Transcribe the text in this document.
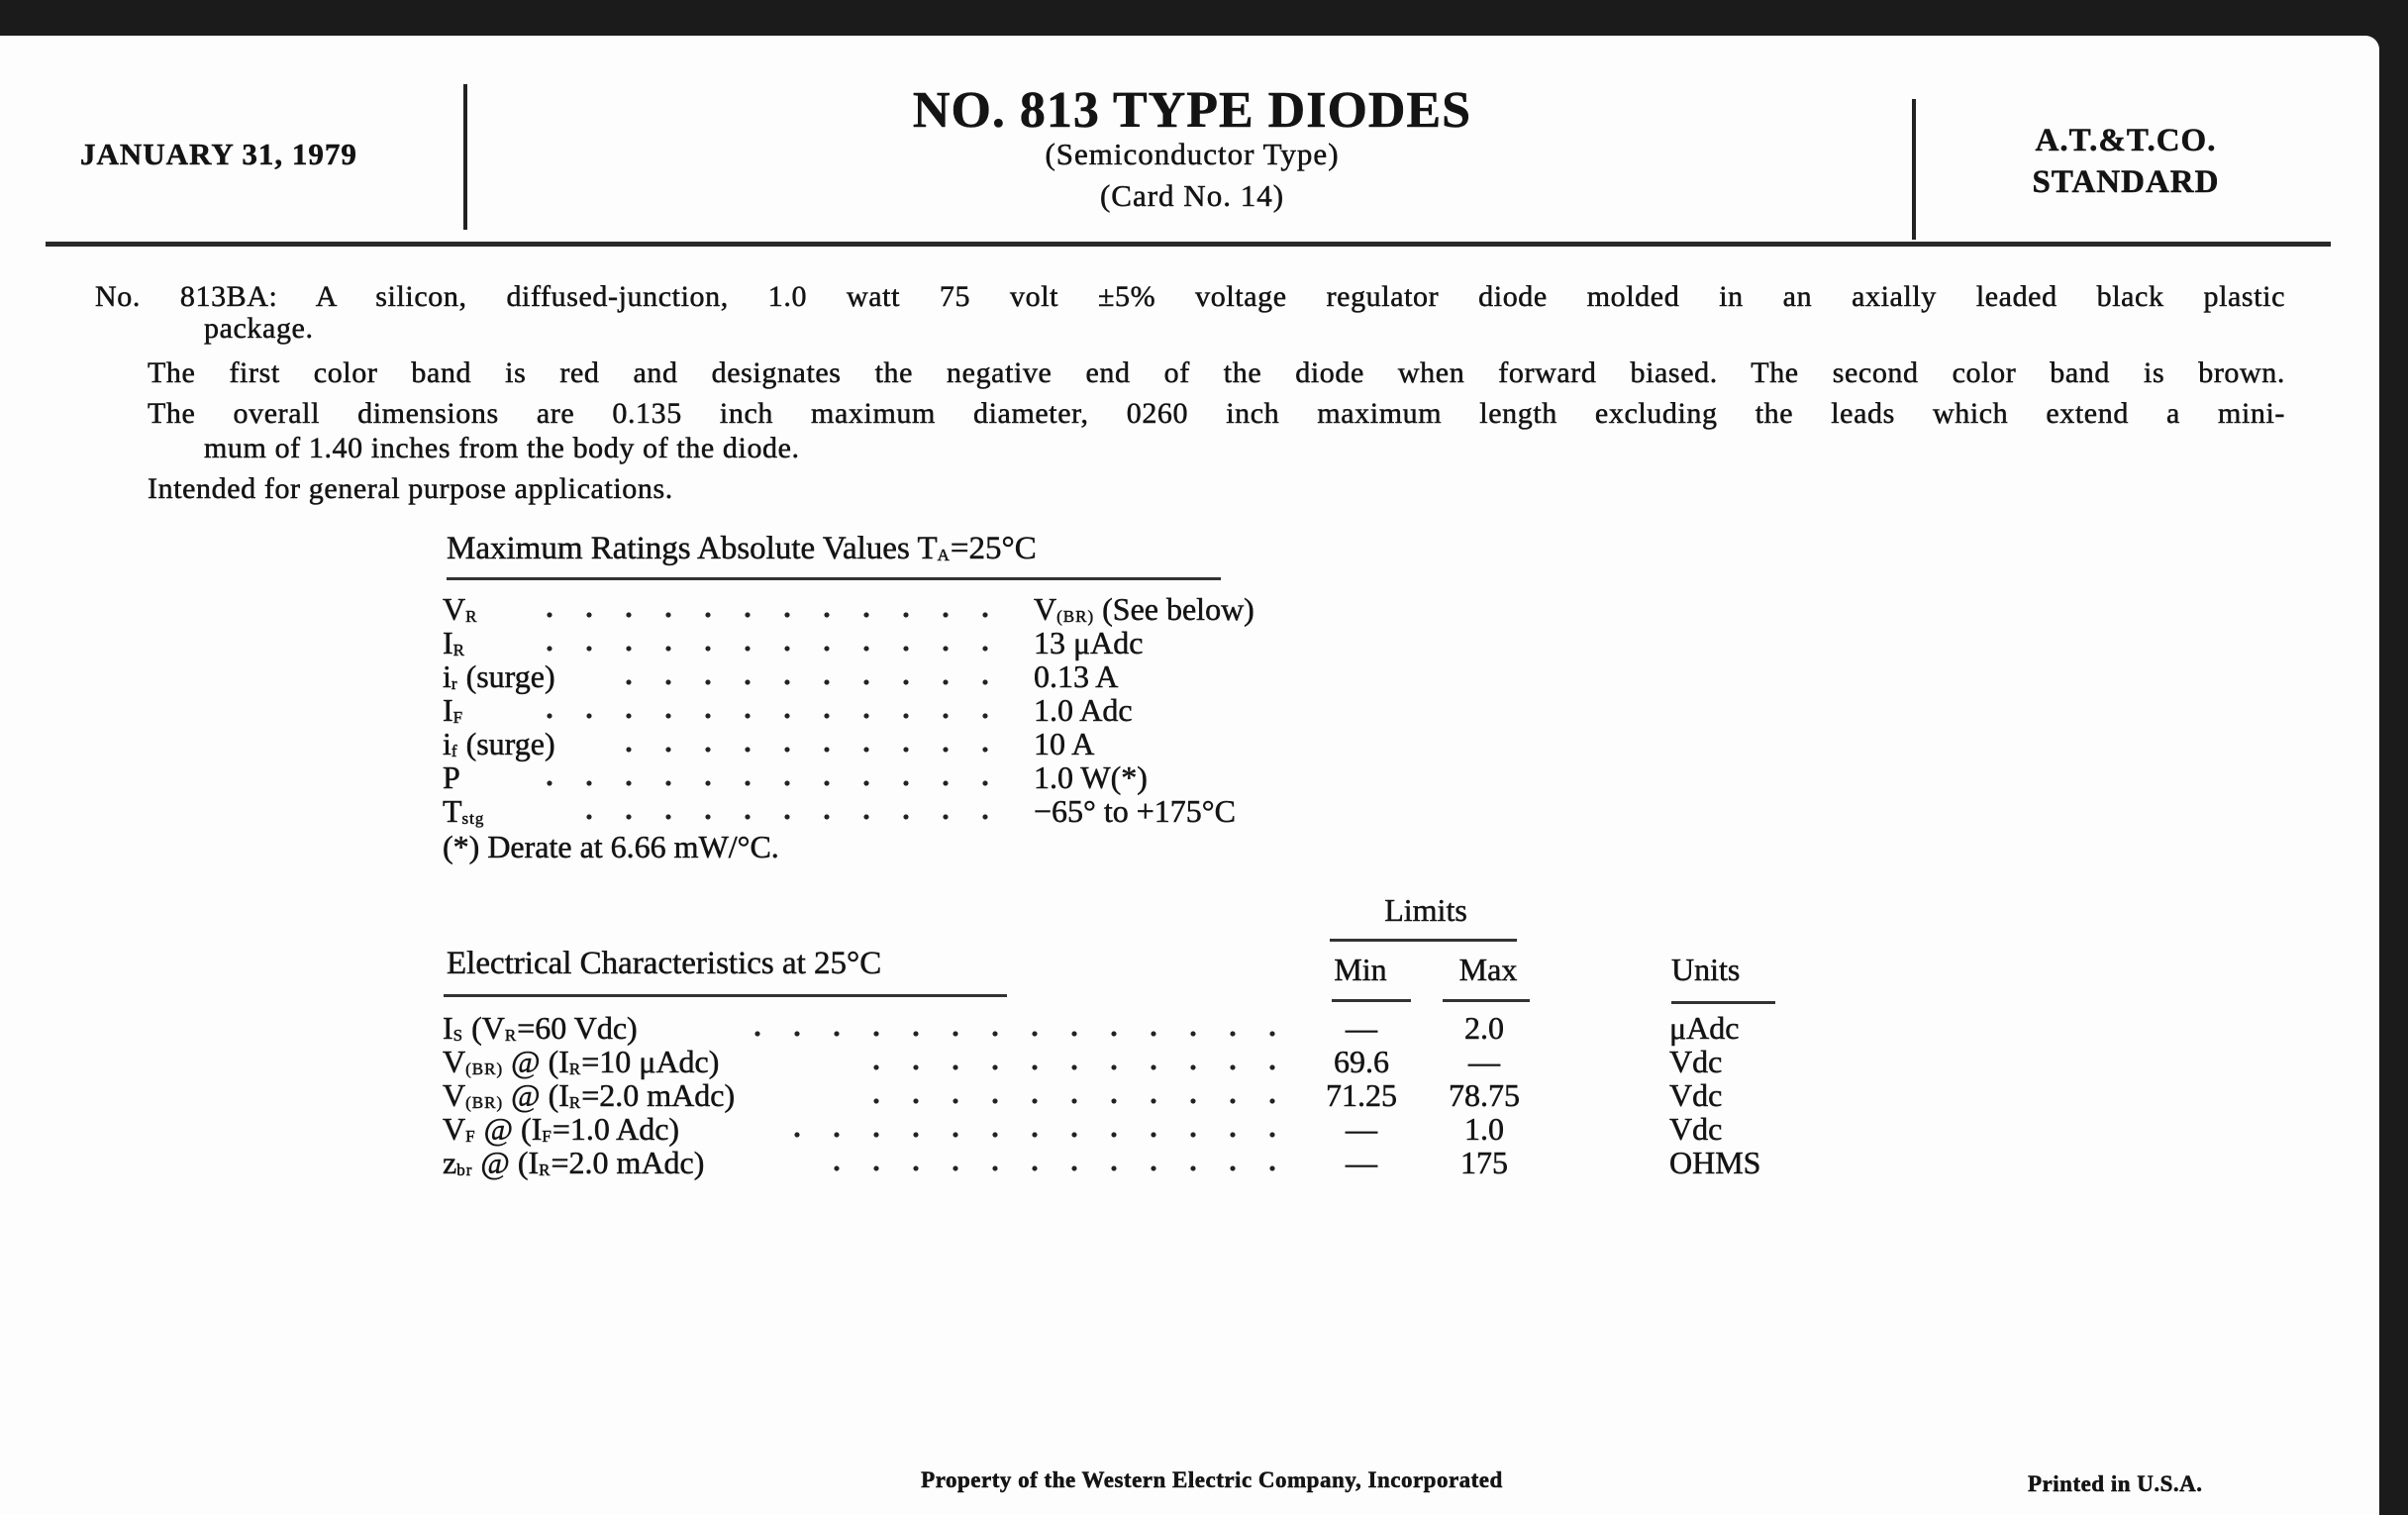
JANUARY 31, 1979
NO. 813 TYPE DIODES
(Semiconductor Type)
(Card No. 14)
A.T.&T.CO.
STANDARD
No. 813BA: A silicon, diffused-junction, 1.0 watt 75 volt ±5% voltage regulator diode molded in an axially leaded black plastic
package.
The first color band is red and designates the negative end of the diode when forward biased. The second color band is brown.
The overall dimensions are 0.135 inch maximum diameter, 0260 inch maximum length excluding the leads which extend a mini-
mum of 1.40 inches from the body of the diode.
Intended for general purpose applications.
Maximum Ratings Absolute Values $T_A=25^\circ C$
$V_R$	$V_{(BR)}$ (See below)
$I_R$	13 μAdc
$i_r$ (surge)	0.13 A
$I_F$	1.0 Adc
$i_f$ (surge)	10 A
P	1.0 W(*)
$T_{stg}$	−65° to +175°C
(*) Derate at 6.66 mW/°C.
Limits
Electrical Characteristics at 25°C	Min	Max	Units
$I_S$ ($V_R=60$ Vdc)	—	2.0	μAdc
$V_{(BR)}$ @ ($I_R=10$ μAdc)	69.6	—	Vdc
$V_{(BR)}$ @ ($I_R=2.0$ mAdc)	71.25	78.75	Vdc
$V_F$ @ ($I_F=1.0$ Adc)	—	1.0	Vdc
$z_{br}$ @ ($I_R=2.0$ mAdc)	—	175	OHMS
Property of the Western Electric Company, Incorporated	Printed in U.S.A.
